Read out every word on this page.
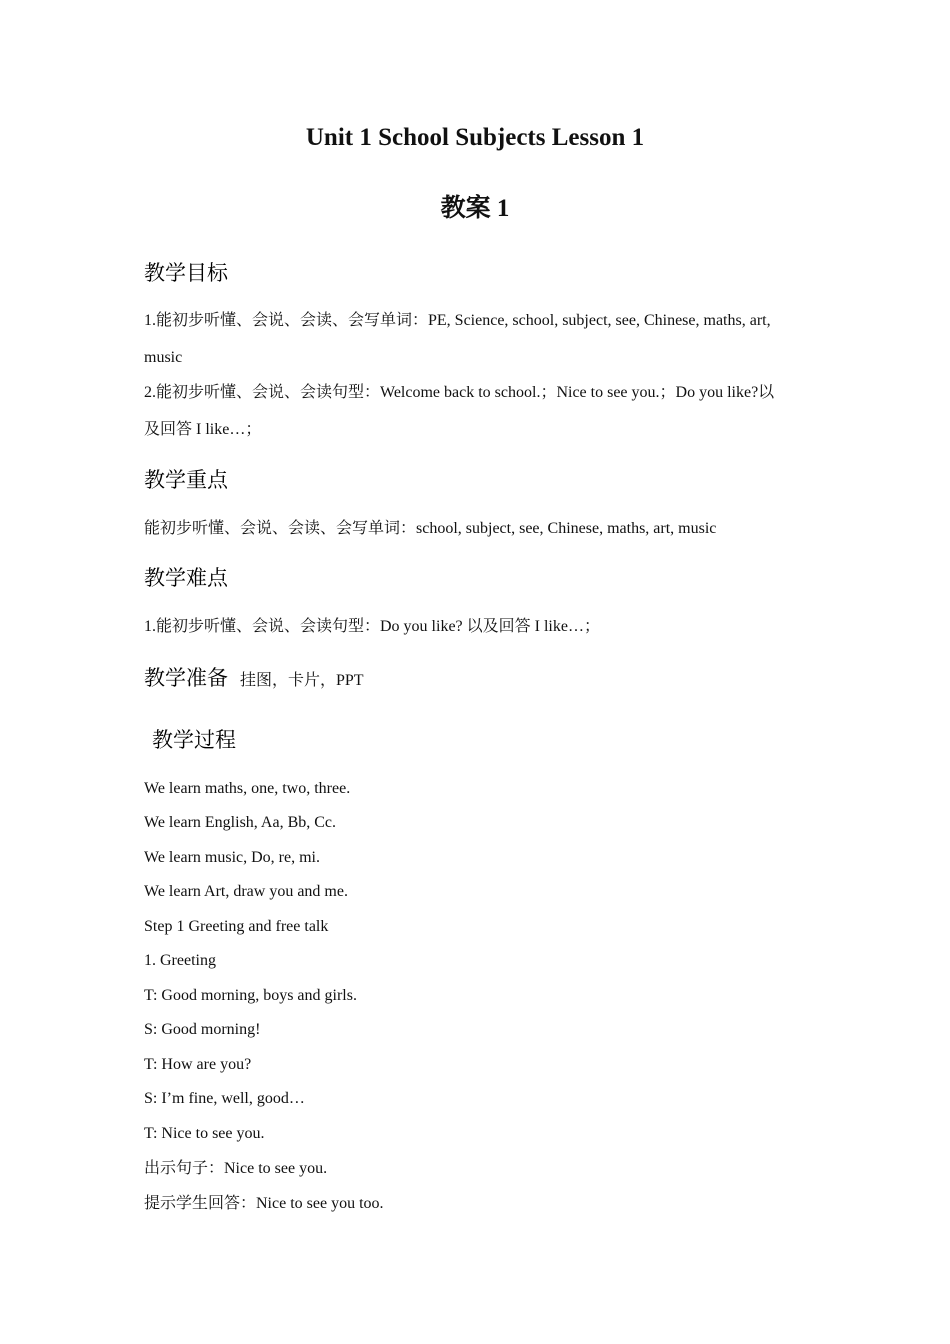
Unit 1 School Subjects Lesson 1
教案 1
教学目标
1.能初步听懂、会说、会读、会写单词：PE, Science, school, subject, see, Chinese, maths, art,
music
2.能初步听懂、会说、会读句型：Welcome back to school.；Nice to see you.；Do you like?以
及回答 I like…；
教学重点
能初步听懂、会说、会读、会写单词：school, subject, see, Chinese, maths, art, music
教学难点
1.能初步听懂、会说、会读句型：Do you like? 以及回答 I like…；
教学准备 挂图，卡片，PPT
教学过程
We learn maths, one, two, three.
We learn English, Aa, Bb, Cc.
We learn music, Do, re, mi.
We learn Art, draw you and me.
Step 1 Greeting and free talk
1. Greeting
T: Good morning, boys and girls.
S: Good morning!
T: How are you?
S: I’m fine, well, good…
T: Nice to see you.
出示句子：Nice to see you.
提示学生回答：Nice to see you too.
